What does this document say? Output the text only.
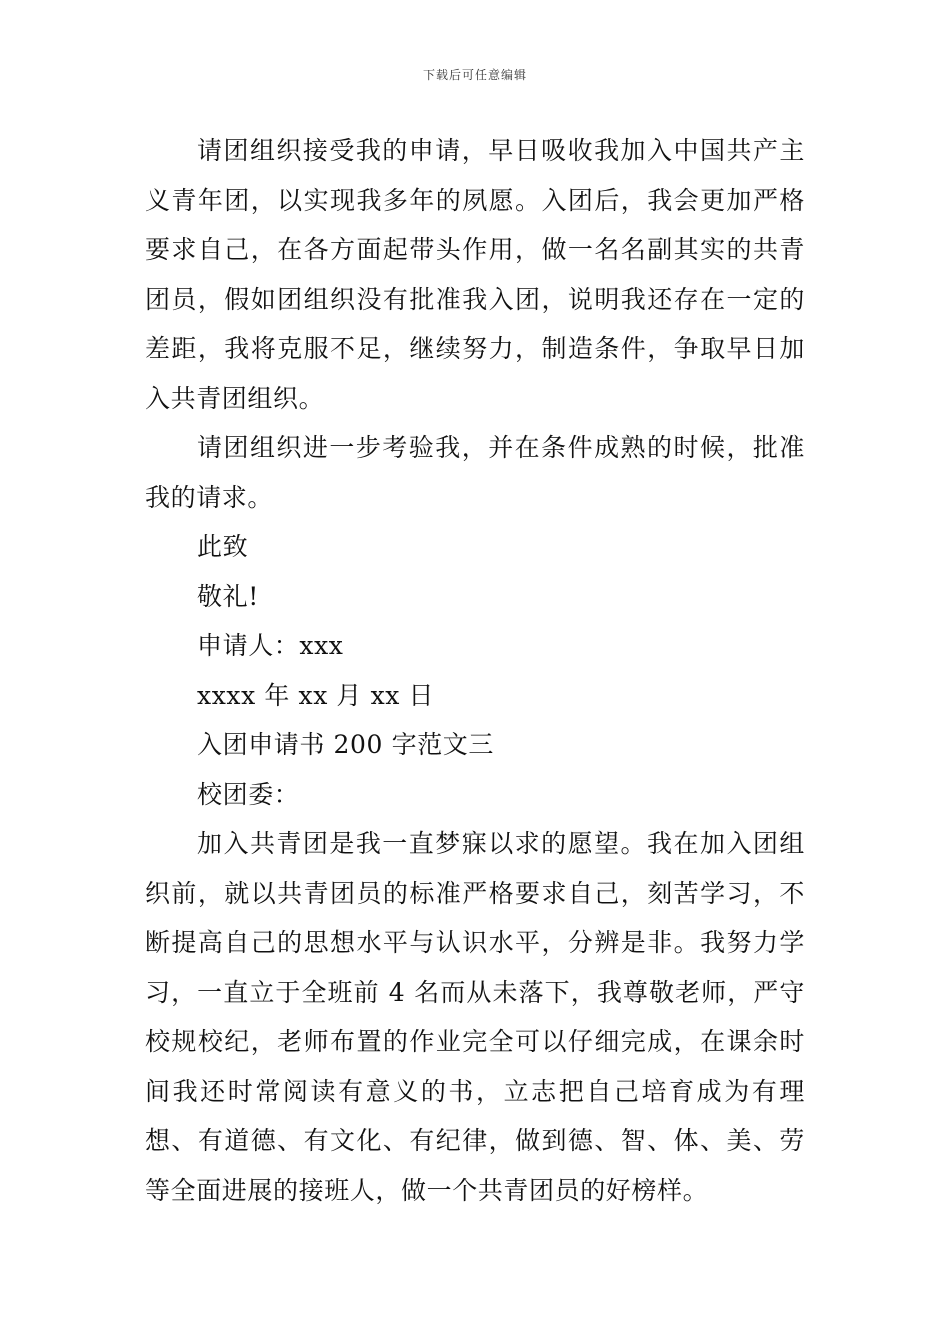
下载后可任意编辑

请团组织接受我的申请，早日吸收我加入中国共产主义青年团，以实现我多年的夙愿。入团后，我会更加严格要求自己，在各方面起带头作用，做一名名副其实的共青团员，假如团组织没有批准我入团，说明我还存在一定的差距，我将克服不足，继续努力，制造条件，争取早日加入共青团组织。

请团组织进一步考验我，并在条件成熟的时候，批准我的请求。

此致

敬礼!

申请人：xxx

xxxx 年 xx 月 xx 日

入团申请书 200 字范文三

校团委：

加入共青团是我一直梦寐以求的愿望。我在加入团组织前，就以共青团员的标准严格要求自己，刻苦学习，不断提高自己的思想水平与认识水平，分辨是非。我努力学习，一直立于全班前 4 名而从未落下，我尊敬老师，严守校规校纪，老师布置的作业完全可以仔细完成，在课余时间我还时常阅读有意义的书，立志把自己培育成为有理想、有道德、有文化、有纪律，做到德、智、体、美、劳等全面进展的接班人，做一个共青团员的好榜样。
